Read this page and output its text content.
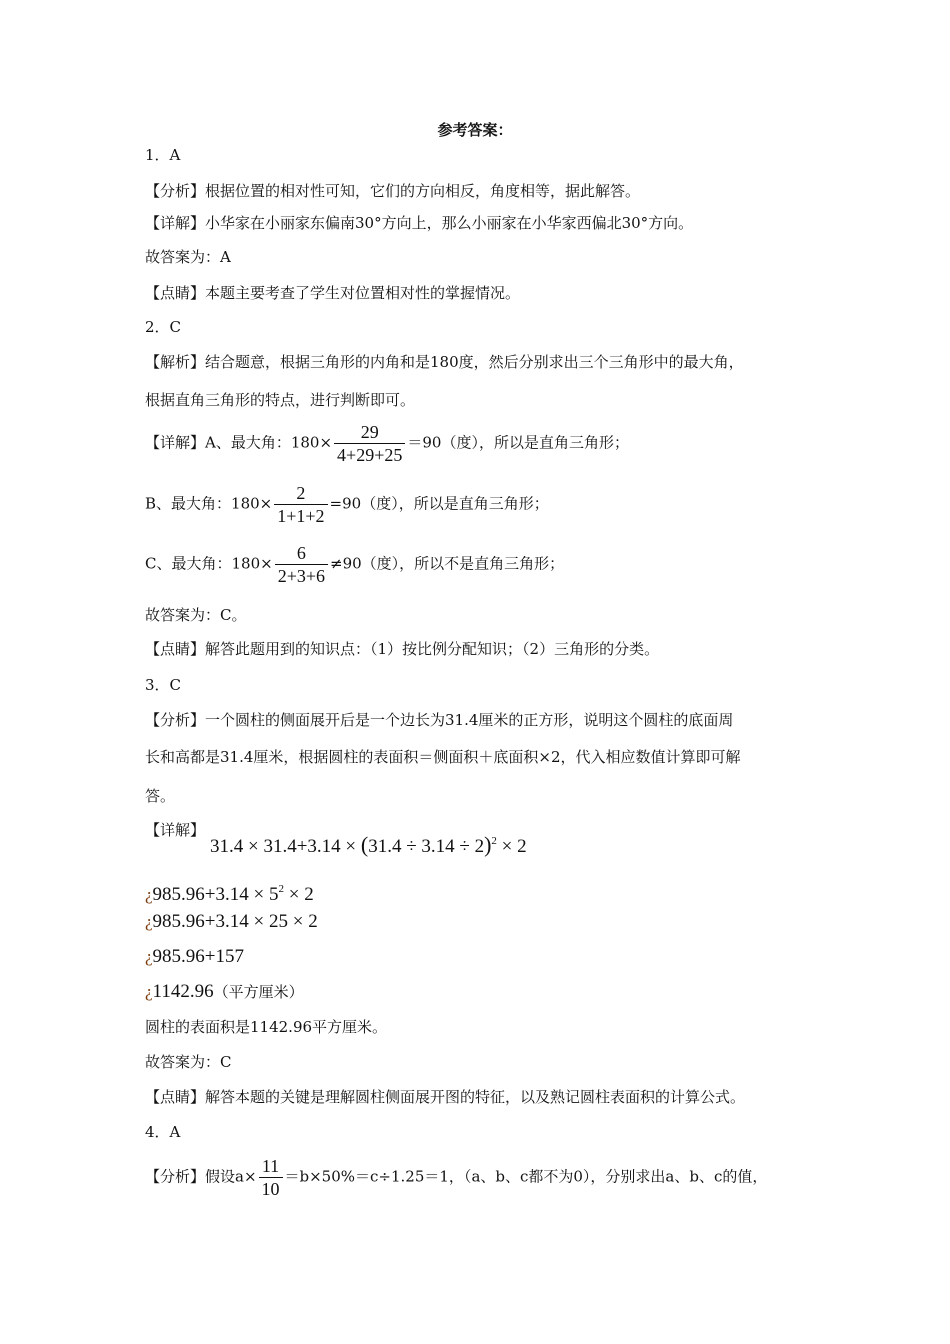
参考答案：
1．A
【分析】根据位置的相对性可知，它们的方向相反，角度相等，据此解答。
【详解】小华家在小丽家东偏南30°方向上，那么小丽家在小华家西偏北30°方向。
故答案为：A
【点睛】本题主要考查了学生对位置相对性的掌握情况。
2．C
【解析】结合题意，根据三角形的内角和是180度，然后分别求出三个三角形中的最大角，
根据直角三角形的特点，进行判断即可。
【详解】A、最大角：$180\times \frac{29}{4+29+25} =90$（度），所以是直角三角形；
B、最大角：$180\times \frac{2}{1+1+2} =90$（度），所以是直角三角形；
C、最大角：$180\times \frac{6}{2+3+6} \ne 90$（度），所以不是直角三角形；
故答案为：C。
【点睛】解答此题用到的知识点：（1）按比例分配知识；（2）三角形的分类。
3．C
【分析】一个圆柱的侧面展开后是一个边长为31.4厘米的正方形，说明这个圆柱的底面周
长和高都是31.4厘米，根据圆柱的表面积＝侧面积＋底面积×2，代入相应数值计算即可解
答。
【详解】
$31.4 \times 31.4+3.14 \times (31.4 \div 3.14 \div 2)^2 \times 2$
¿$985.96+3.14 \times 5^2 \times 2$
¿985.96+3.14 × 25 × 2
¿985.96+157
¿1142.96（平方厘米）
圆柱的表面积是1142.96平方厘米。
故答案为：C
【点睛】解答本题的关键是理解圆柱侧面展开图的特征，以及熟记圆柱表面积的计算公式。
4．A
【分析】假设$a\times \frac{11}{10} =b\times 50\%=c\div 1.25=1$，（a、b、c都不为0），分别求出a、b、c的值，
